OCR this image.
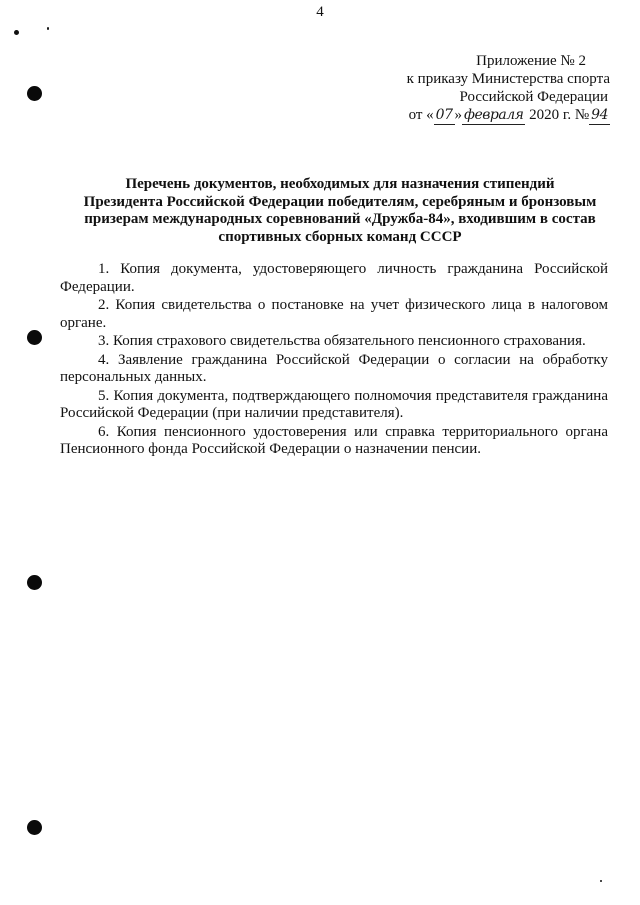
4
Приложение № 2
к приказу Министерства спорта
Российской Федерации
от « 07 » февраля 2020 г. № 94
Перечень документов, необходимых для назначения стипендий
Президента Российской Федерации победителям, серебряным и бронзовым
призерам международных соревнований «Дружба-84», входившим в состав
спортивных сборных команд СССР

1. Копия документа, удостоверяющего личность гражданина Российской Федерации.

2. Копия свидетельства о постановке на учет физического лица в налоговом органе.

3. Копия страхового свидетельства обязательного пенсионного страхования.

4. Заявление гражданина Российской Федерации о согласии на обработку персональных данных.

5. Копия документа, подтверждающего полномочия представителя гражданина Российской Федерации (при наличии представителя).

6. Копия пенсионного удостоверения или справка территориального органа Пенсионного фонда Российской Федерации о назначении пенсии.
